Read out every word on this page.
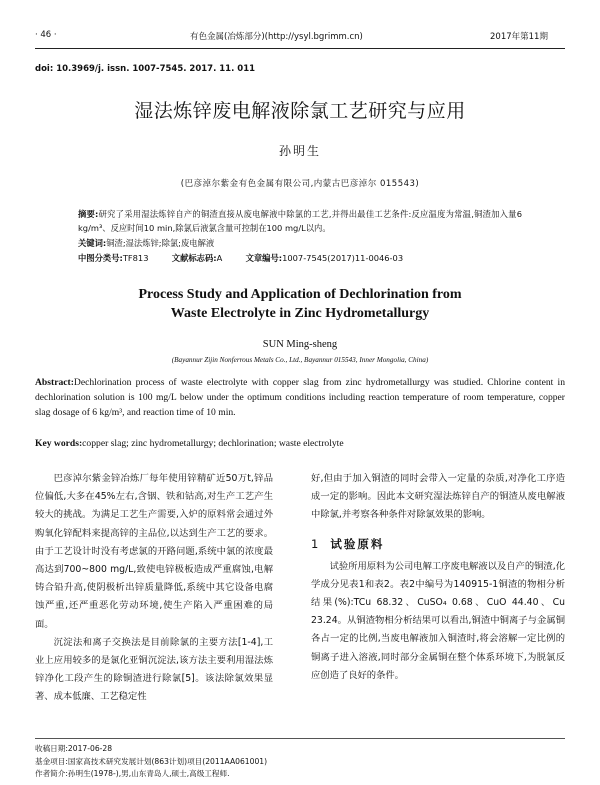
· 46 ·	有色金属(冶炼部分)(http://ysyl.bgrimm.cn)	2017年第11期
doi: 10.3969/j. issn. 1007-7545. 2017. 11. 011
湿法炼锌废电解液除氯工艺研究与应用
孙明生
(巴彦淖尔紫金有色金属有限公司,内蒙古巴彦淖尔 015543)
摘要:研究了采用湿法炼锌自产的铜渣直接从废电解液中除氯的工艺,并得出最佳工艺条件:反应温度为常温,铜渣加入量6 kg/m³、反应时间10 min,除氯后液氯含量可控制在100 mg/L以内。
关键词:铜渣;湿法炼锌;除氯;废电解液
中图分类号:TF813	文献标志码:A	文章编号:1007-7545(2017)11-0046-03
Process Study and Application of Dechlorination from
Waste Electrolyte in Zinc Hydrometallurgy
SUN Ming-sheng
(Bayannur Zijin Nonferrous Metals Co., Ltd., Bayannur 015543, Inner Mongolia, China)
Abstract:Dechlorination process of waste electrolyte with copper slag from zinc hydrometallurgy was studied. Chlorine content in dechlorination solution is 100 mg/L below under the optimum conditions including reaction temperature of room temperature, copper slag dosage of 6 kg/m³, and reaction time of 10 min.
Key words:copper slag; zinc hydrometallurgy; dechlorination; waste electrolyte

巴彦淖尔紫金锌冶炼厂每年使用锌精矿近50万t,锌品位偏低,大多在45%左右,含铟、铁和钴高,对生产工艺产生较大的挑战。为满足工艺生产需要,入炉的原料常会通过外购氧化锌配料来提高锌的主品位,以达到生产工艺的要求。由于工艺设计时没有考虑氯的开路问题,系统中氯的浓度最高达到700~800 mg/L,致使电锌极板造成严重腐蚀,电解铸合铅升高,使阴极析出锌质量降低,系统中其它设备电腐蚀严重,还严重恶化劳动环境,使生产陷入严重困难的局面。

沉淀法和离子交换法是目前除氯的主要方法[1-4],工业上应用较多的是氯化亚铜沉淀法,该方法主要利用湿法炼锌净化工段产生的除铜渣进行除氯[5]。该法除氯效果显著、成本低廉、工艺稳定性

好,但由于加入铜渣的同时会带入一定量的杂质,对净化工序造成一定的影响。因此本文研究湿法炼锌自产的铜渣从废电解液中除氯,并考察各种条件对除氯效果的影响。

1 试验原料

试验所用原料为公司电解工序废电解液以及自产的铜渣,化学成分见表1和表2。表2中编号为140915-1铜渣的物相分析结果(%):TCu 68.32、CuSO₄ 0.68、CuO 44.40、Cu 23.24。从铜渣物相分析结果可以看出,铜渣中铜离子与金属铜各占一定的比例,当废电解液加入铜渣时,将会溶解一定比例的铜离子进入溶液,同时部分金属铜在整个体系环境下,为脱氯反应创造了良好的条件。

收稿日期:2017-06-28
基金项目:国家高技术研究发展计划(863计划)项目(2011AA061001)
作者简介:孙明生(1978-),男,山东青岛人,硕士,高级工程师.
